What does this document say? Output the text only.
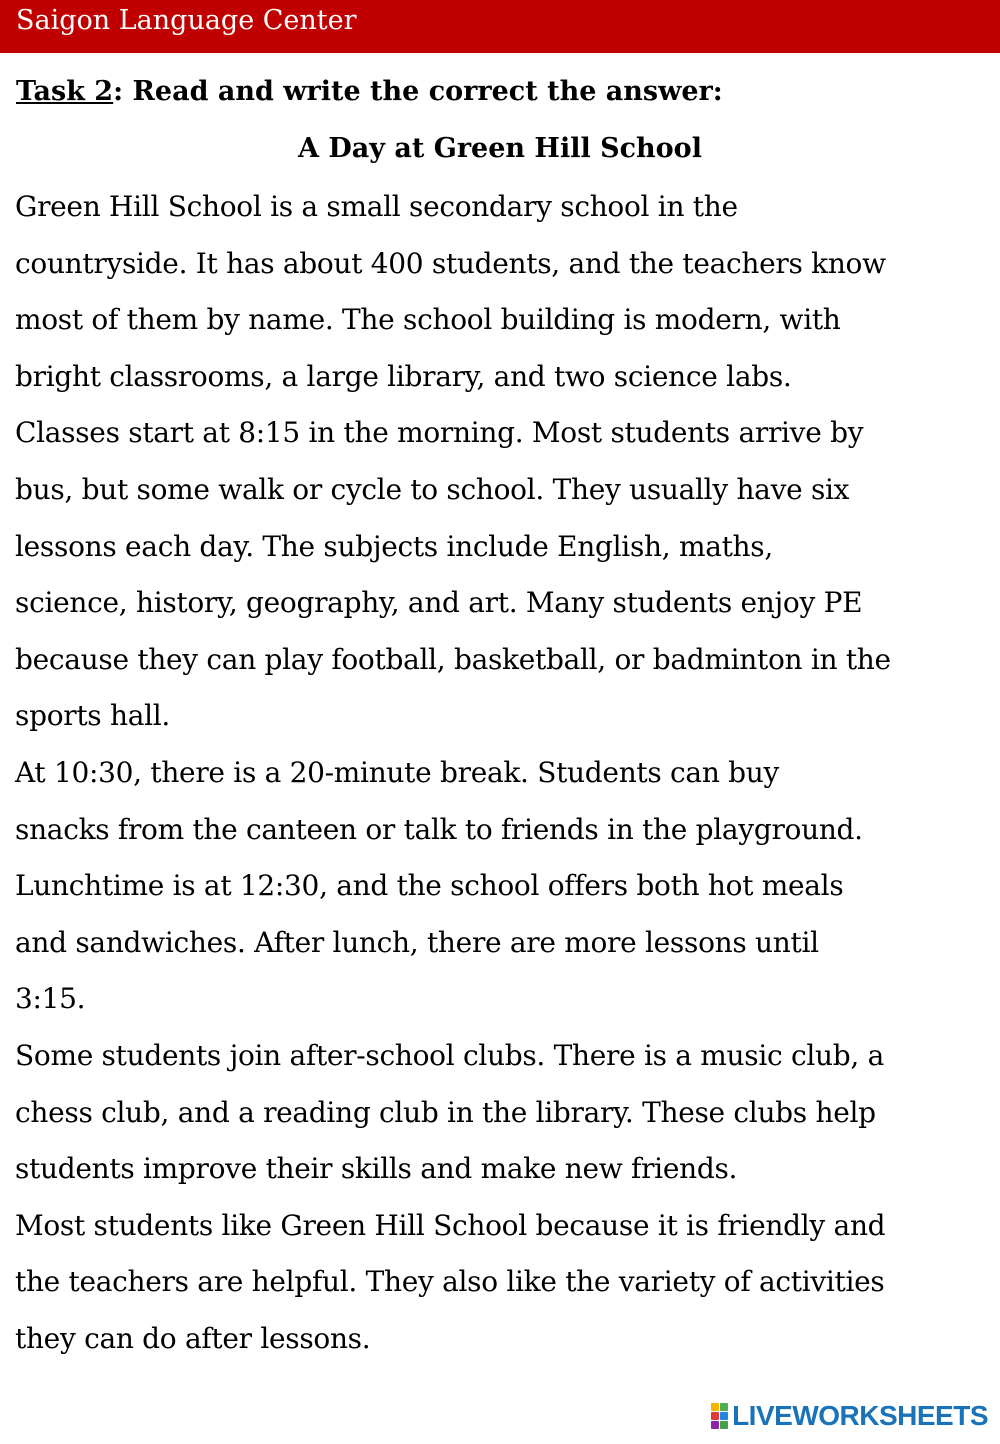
Saigon Language Center
Task 2: Read and write the correct the answer:
A Day at Green Hill School
Green Hill School is a small secondary school in the
countryside. It has about 400 students, and the teachers know
most of them by name. The school building is modern, with
bright classrooms, a large library, and two science labs.
Classes start at 8:15 in the morning. Most students arrive by
bus, but some walk or cycle to school. They usually have six
lessons each day. The subjects include English, maths,
science, history, geography, and art. Many students enjoy PE
because they can play football, basketball, or badminton in the
sports hall.
At 10:30, there is a 20-minute break. Students can buy
snacks from the canteen or talk to friends in the playground.
Lunchtime is at 12:30, and the school offers both hot meals
and sandwiches. After lunch, there are more lessons until
3:15.
Some students join after-school clubs. There is a music club, a
chess club, and a reading club in the library. These clubs help
students improve their skills and make new friends.
Most students like Green Hill School because it is friendly and
the teachers are helpful. They also like the variety of activities
they can do after lessons.
LIVEWORKSHEETS
